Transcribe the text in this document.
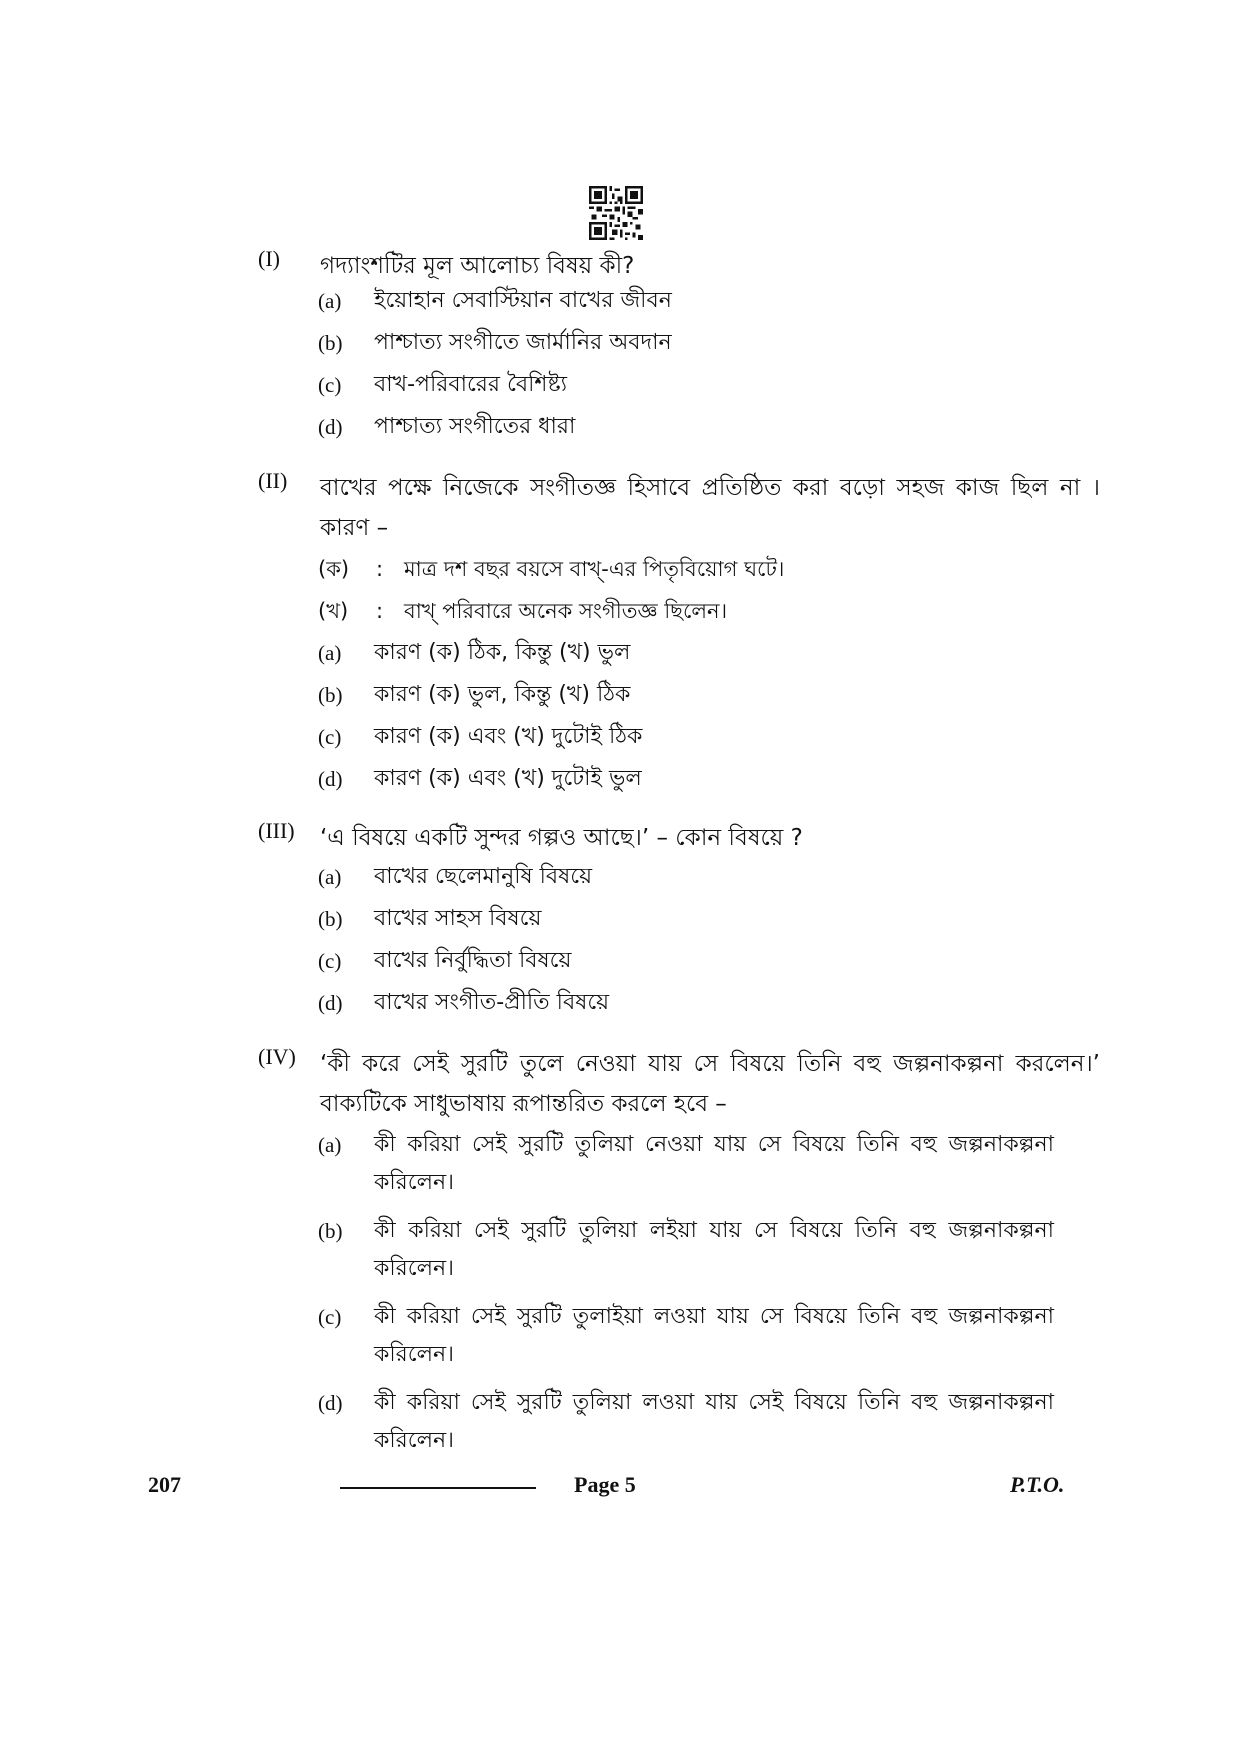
(I) গদ্যাংশটির মূল আলোচ্য বিষয় কী?
(a) ইয়োহান সেবাস্টিয়ান বাখের জীবন
(b) পাশ্চাত্য সংগীতে জার্মানির অবদান
(c) বাখ-পরিবারের বৈশিষ্ট্য
(d) পাশ্চাত্য সংগীতের ধারা
(II) বাখের পক্ষে নিজেকে সংগীতজ্ঞ হিসাবে প্রতিষ্ঠিত করা বড়ো সহজ কাজ ছিল না । কারণ –
(ক) : মাত্র দশ বছর বয়সে বাখ্-এর পিতৃবিয়োগ ঘটে।
(খ) : বাখ্ পরিবারে অনেক সংগীতজ্ঞ ছিলেন।
(a) কারণ (ক) ঠিক, কিন্তু (খ) ভুল
(b) কারণ (ক) ভুল, কিন্তু (খ) ঠিক
(c) কারণ (ক) এবং (খ) দুটোই ঠিক
(d) কারণ (ক) এবং (খ) দুটোই ভুল
(III) ‘এ বিষয়ে একটি সুন্দর গল্পও আছে।’ – কোন বিষয়ে ?
(a) বাখের ছেলেমানুষি বিষয়ে
(b) বাখের সাহস বিষয়ে
(c) বাখের নির্বুদ্ধিতা বিষয়ে
(d) বাখের সংগীত-প্রীতি বিষয়ে
(IV) ‘কী করে সেই সুরটি তুলে নেওয়া যায় সে বিষয়ে তিনি বহু জল্পনাকল্পনা করলেন।’ বাক্যটিকে সাধুভাষায় রূপান্তরিত করলে হবে –
(a) কী করিয়া সেই সুরটি তুলিয়া নেওয়া যায় সে বিষয়ে তিনি বহু জল্পনাকল্পনা করিলেন।
(b) কী করিয়া সেই সুরটি তুলিয়া লইয়া যায় সে বিষয়ে তিনি বহু জল্পনাকল্পনা করিলেন।
(c) কী করিয়া সেই সুরটি তুলাইয়া লওয়া যায় সে বিষয়ে তিনি বহু জল্পনাকল্পনা করিলেন।
(d) কী করিয়া সেই সুরটি তুলিয়া লওয়া যায় সেই বিষয়ে তিনি বহু জল্পনাকল্পনা করিলেন।
207	Page 5	P.T.O.
